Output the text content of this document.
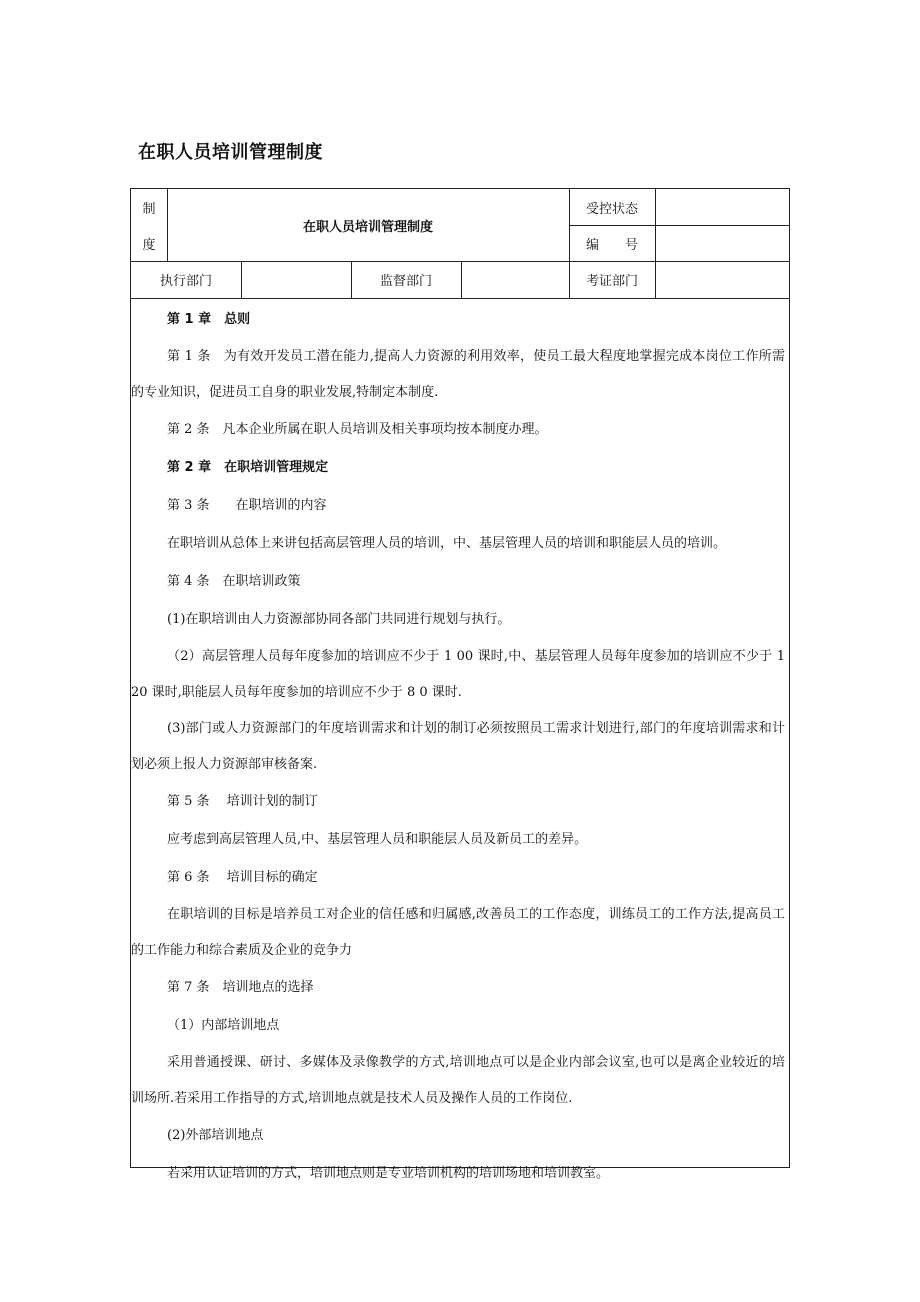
在职人员培训管理制度
制
度
在职人员培训管理制度
受控状态
编　　号
执行部门	监督部门	考证部门

第 1 章　总则

第 1 条　为有效开发员工潜在能力,提高人力资源的利用效率，使员工最大程度地掌握完成本岗位工作所需的专业知识，促进员工自身的职业发展,特制定本制度.

第 2 条　凡本企业所属在职人员培训及相关事项均按本制度办理。

第 2 章　在职培训管理规定

第 3 条　　在职培训的内容

在职培训从总体上来讲包括高层管理人员的培训，中、基层管理人员的培训和职能层人员的培训。

第 4 条　在职培训政策

(1)在职培训由人力资源部协同各部门共同进行规划与执行。

（2）高层管理人员每年度参加的培训应不少于 1 00 课时,中、基层管理人员每年度参加的培训应不少于 1 20 课时,职能层人员每年度参加的培训应不少于 8 0 课时.

(3)部门或人力资源部门的年度培训需求和计划的制订必须按照员工需求计划进行,部门的年度培训需求和计划必须上报人力资源部审核备案.

第 5 条　 培训计划的制订

应考虑到高层管理人员,中、基层管理人员和职能层人员及新员工的差异。

第 6 条　 培训目标的确定

在职培训的目标是培养员工对企业的信任感和归属感,改善员工的工作态度，训练员工的工作方法,提高员工的工作能力和综合素质及企业的竞争力

第 7 条　培训地点的选择

（1）内部培训地点

采用普通授课、研讨、多媒体及录像教学的方式,培训地点可以是企业内部会议室,也可以是离企业较近的培训场所.若采用工作指导的方式,培训地点就是技术人员及操作人员的工作岗位.

(2)外部培训地点

若采用认证培训的方式，培训地点则是专业培训机构的培训场地和培训教室。
